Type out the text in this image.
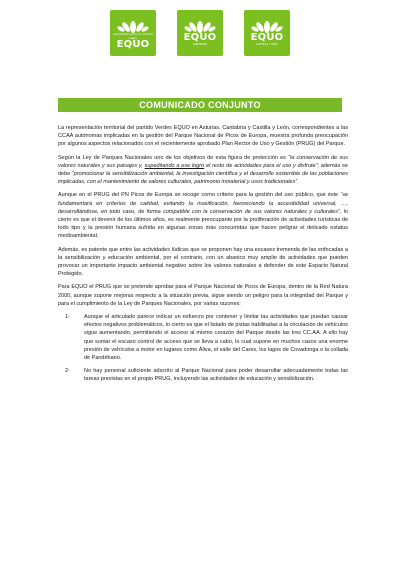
Asociación para un mundo mejor
EQUO
EQUO
CANTABRIA
EQUO
CASTILLA Y LEÓN
COMUNICADO CONJUNTO

La representación territorial del partido Verdes EQUO en Asturias, Cantabria y Castilla y León, correspondientes a las CCAA autónomas implicadas en la gestión del Parque Nacional de Picos de Europa, muestra profunda preocupación por algunos aspectos relacionados con el recientemente aprobado Plan Rector de Uso y Gestión (PRUG) del Parque.

Según la Ley de Parques Nacionales uno de los objetivos de esta figura de protección es “la conservación de sus valores naturales y sus paisajes y, supeditando a ese logro el resto de actividades para el uso y disfrute”; además se debe “promocionar la sensibilización ambiental, la investigación científica y el desarrollo sostenible de las poblaciones implicadas, con el mantenimiento de valores culturales, patrimonio inmaterial y usos tradicionales”.

Aunque en el PRUG del PN Picos de Europa se recoge como criterio para la gestión del uso público, que éste “se fundamentará en criterios de calidad, evitando la masificación, favoreciendo la accesibilidad universal, …, desarrollándose, en todo caso, de forma compatible con la conservación de sus valores naturales y culturales”, lo cierto es que el devenir de los últimos años, es realmente preocupante por la proliferación de actividades turísticas de todo tipo y la presión humana sufrida en algunas zonas más concurridas que hacen peligrar el delicado estatus medioambiental.

Además, es patente que entre las actividades lúdicas que se proponen hay una escasez tremenda de las enfocadas a la sensibilización y educación ambiental, por el contrario, con un abanico muy amplio de actividades que pueden provocar un importante impacto ambiental negativo sobre los valores naturales a defender de este Espacio Natural Protegido.

Para EQUO el PRUG que se pretende aprobar para el Parque Nacional de Picos de Europa, dentro de la Red Natura 2000, aunque supone mejoras respecto a la situación previa, sigue siendo un peligro para la integridad del Parque y para el cumplimiento de la Ley de Parques Nacionales, por varias razones:

1-	Aunque el articulado parece indicar un esfuerzo por contener y limitar las actividades que puedan causar efectos negativos problemáticos, lo cierto es que el listado de pistas habilitadas a la circulación de vehículos sigue aumentando, permitiendo el acceso al mismo corazón del Parque desde las tres CC.AA. A ello hay que sumar el escaso control de acceso que se lleva a cabo, lo cual supone en muchos casos una enorme presión de vehículos a motor en lugares como Áliva, el valle del Cares, los lagos de Covadonga o la collada de Pandébano.
2-	No hay personal suficiente adscrito al Parque Nacional para poder desarrollar adecuadamente todas las tareas previstas en el propio PRUG, incluyendo las actividades de educación y sensibilización.
